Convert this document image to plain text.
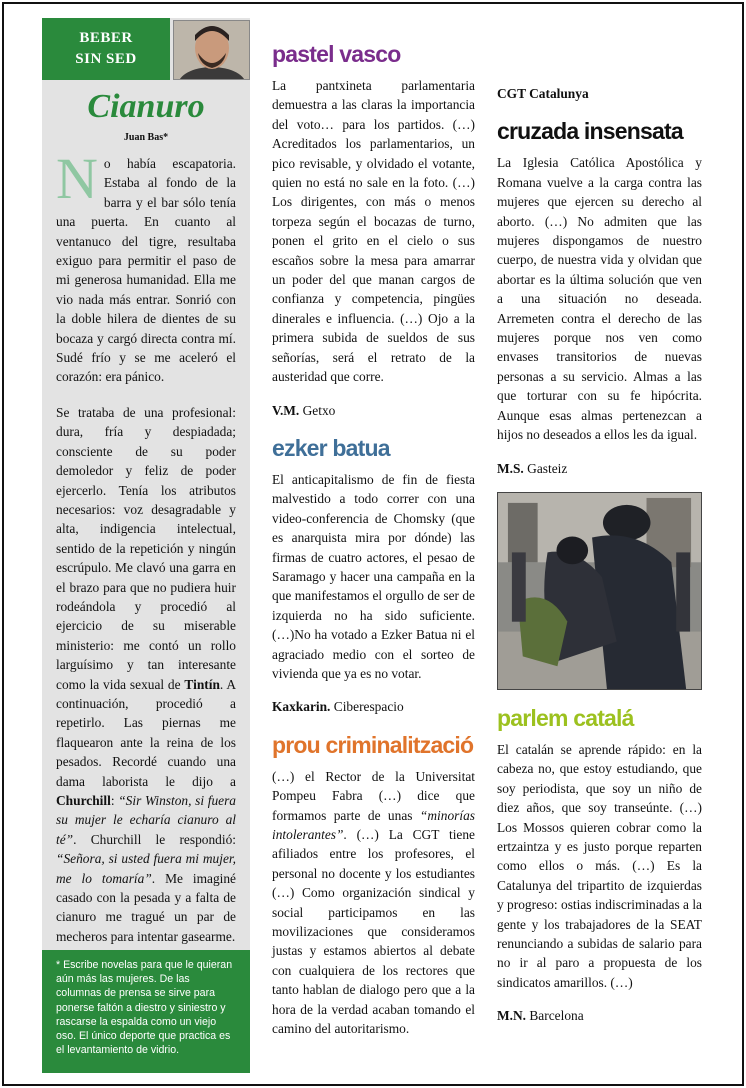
BEBER
SIN SED
Cianuro
Juan Bas*

No había escapatoria. Estaba al fondo de la barra y el bar sólo tenía una puerta. En cuanto al ventanuco del tigre, resultaba exiguo para permitir el paso de mi generosa humanidad. Ella me vio nada más entrar. Sonrió con la doble hilera de dientes de su bocaza y cargó directa contra mí. Sudé frío y se me aceleró el corazón: era pánico.

Se trataba de una profesional: dura, fría y despiadada; consciente de su poder demoledor y feliz de poder ejercerlo. Tenía los atributos necesarios: voz desagradable y alta, indigencia intelectual, sentido de la repetición y ningún escrúpulo. Me clavó una garra en el brazo para que no pudiera huir rodeándola y procedió al ejercicio de su miserable ministerio: me contó un rollo larguísimo y tan interesante como la vida sexual de Tintín. A continuación, procedió a repetirlo. Las piernas me flaquearon ante la reina de los pesados. Recordé cuando una dama laborista le dijo a Churchill: “Sir Winston, si fuera su mujer le echaría cianuro al té”. Churchill le respondió: “Señora, si usted fuera mi mujer, me lo tomaría”. Me imaginé casado con la pesada y a falta de cianuro me tragué un par de mecheros para intentar gasearme.

* Escribe novelas para que le quieran aún más las mujeres. De las columnas de prensa se sirve para ponerse faltón a diestro y siniestro y rascarse la espalda como un viejo oso. El único deporte que practica es el levantamiento de vidrio.
pastel vasco

La pantxineta parlamentaria demuestra a las claras la importancia del voto… para los partidos. (…) Acreditados los parlamentarios, un pico revisable, y olvidado el votante, quien no está no sale en la foto. (…) Los dirigentes, con más o menos torpeza según el bocazas de turno, ponen el grito en el cielo o sus escaños sobre la mesa para amarrar un poder del que manan cargos de confianza y competencia, pingües dinerales e influencia. (…) Ojo a la primera subida de sueldos de sus señorías, será el retrato de la austeridad que corre.

V.M. Getxo

ezker batua

El anticapitalismo de fin de fiesta malvestido a todo correr con una video-conferencia de Chomsky (que es anarquista mira por dónde) las firmas de cuatro actores, el pesao de Saramago y hacer una campaña en la que manifestamos el orgullo de ser de izquierda no ha sido suficiente. (…)No ha votado a Ezker Batua ni el agraciado medio con el sorteo de vivienda que ya es no votar.

Kaxkarin. Ciberespacio

prou criminalització

(…) el Rector de la Universitat Pompeu Fabra (…) dice que formamos parte de unas “minorías intolerantes”. (…) La CGT tiene afiliados entre los profesores, el personal no docente y los estudiantes (…) Como organización sindical y social participamos en las movilizaciones que consideramos justas y estamos abiertos al debate con cualquiera de los rectores que tanto hablan de dialogo pero que a la hora de la verdad acaban tomando el camino del autoritarismo.

CGT Catalunya

cruzada insensata

La Iglesia Católica Apostólica y Romana vuelve a la carga contra las mujeres que ejercen su derecho al aborto. (…) No admiten que las mujeres dispongamos de nuestro cuerpo, de nuestra vida y olvidan que abortar es la última solución que ven a una situación no deseada. Arremeten contra el derecho de las mujeres porque nos ven como envases transitorios de nuevas personas a su servicio. Almas a las que torturar con su fe hipócrita. Aunque esas almas pertenezcan a hijos no deseados a ellos les da igual.

M.S. Gasteiz

parlem catalá

El catalán se aprende rápido: en la cabeza no, que estoy estudiando, que soy periodista, que soy un niño de diez años, que soy transeúnte. (…) Los Mossos quieren cobrar como la ertzaintza y es justo porque reparten como ellos o más. (…) Es la Catalunya del tripartito de izquierdas y progreso: ostias indiscriminadas a la gente y los trabajadores de la SEAT renunciando a subidas de salario para no ir al paro a propuesta de los sindicatos amarillos. (…)

M.N. Barcelona
